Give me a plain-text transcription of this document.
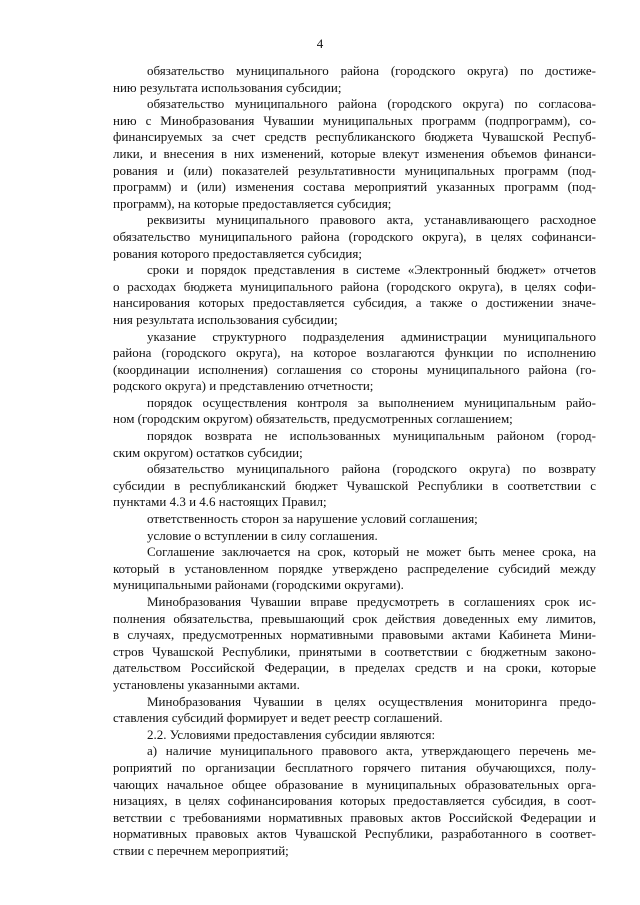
4
обязательство муниципального района (городского округа) по достиже-
нию результата использования субсидии;
обязательство муниципального района (городского округа) по согласова-
нию с Минобразования Чувашии муниципальных программ (подпрограмм), со-
финансируемых за счет средств республиканского бюджета Чувашской Респуб-
лики, и внесения в них изменений, которые влекут изменения объемов финанси-
рования и (или) показателей результативности муниципальных программ (под-
программ) и (или) изменения состава мероприятий указанных программ (под-
программ), на которые предоставляется субсидия;
реквизиты муниципального правового акта, устанавливающего расходное
обязательство муниципального района (городского округа), в целях софинанси-
рования которого предоставляется субсидия;
сроки и порядок представления в системе «Электронный бюджет» отчетов
о расходах бюджета муниципального района (городского округа), в целях софи-
нансирования которых предоставляется субсидия, а также о достижении значе-
ния результата использования субсидии;
указание структурного подразделения администрации муниципального
района (городского округа), на которое возлагаются функции по исполнению
(координации исполнения) соглашения со стороны муниципального района (го-
родского округа) и представлению отчетности;
порядок осуществления контроля за выполнением муниципальным райо-
ном (городским округом) обязательств, предусмотренных соглашением;
порядок возврата не использованных муниципальным районом (город-
ским округом) остатков субсидии;
обязательство муниципального района (городского округа) по возврату
субсидии в республиканский бюджет Чувашской Республики в соответствии с
пунктами 4.3 и 4.6 настоящих Правил;
ответственность сторон за нарушение условий соглашения;
условие о вступлении в силу соглашения.
Соглашение заключается на срок, который не может быть менее срока, на
который в установленном порядке утверждено распределение субсидий между
муниципальными районами (городскими округами).
Минобразования Чувашии вправе предусмотреть в соглашениях срок ис-
полнения обязательства, превышающий срок действия доведенных ему лимитов,
в случаях, предусмотренных нормативными правовыми актами Кабинета Мини-
стров Чувашской Республики, принятыми в соответствии с бюджетным законо-
дательством Российской Федерации, в пределах средств и на сроки, которые
установлены указанными актами.
Минобразования Чувашии в целях осуществления мониторинга предо-
ставления субсидий формирует и ведет реестр соглашений.
2.2. Условиями предоставления субсидии являются:
а) наличие муниципального правового акта, утверждающего перечень ме-
роприятий по организации бесплатного горячего питания обучающихся, полу-
чающих начальное общее образование в муниципальных образовательных орга-
низациях, в целях софинансирования которых предоставляется субсидия, в соот-
ветствии с требованиями нормативных правовых актов Российской Федерации и
нормативных правовых актов Чувашской Республики, разработанного в соответ-
ствии с перечнем мероприятий;
